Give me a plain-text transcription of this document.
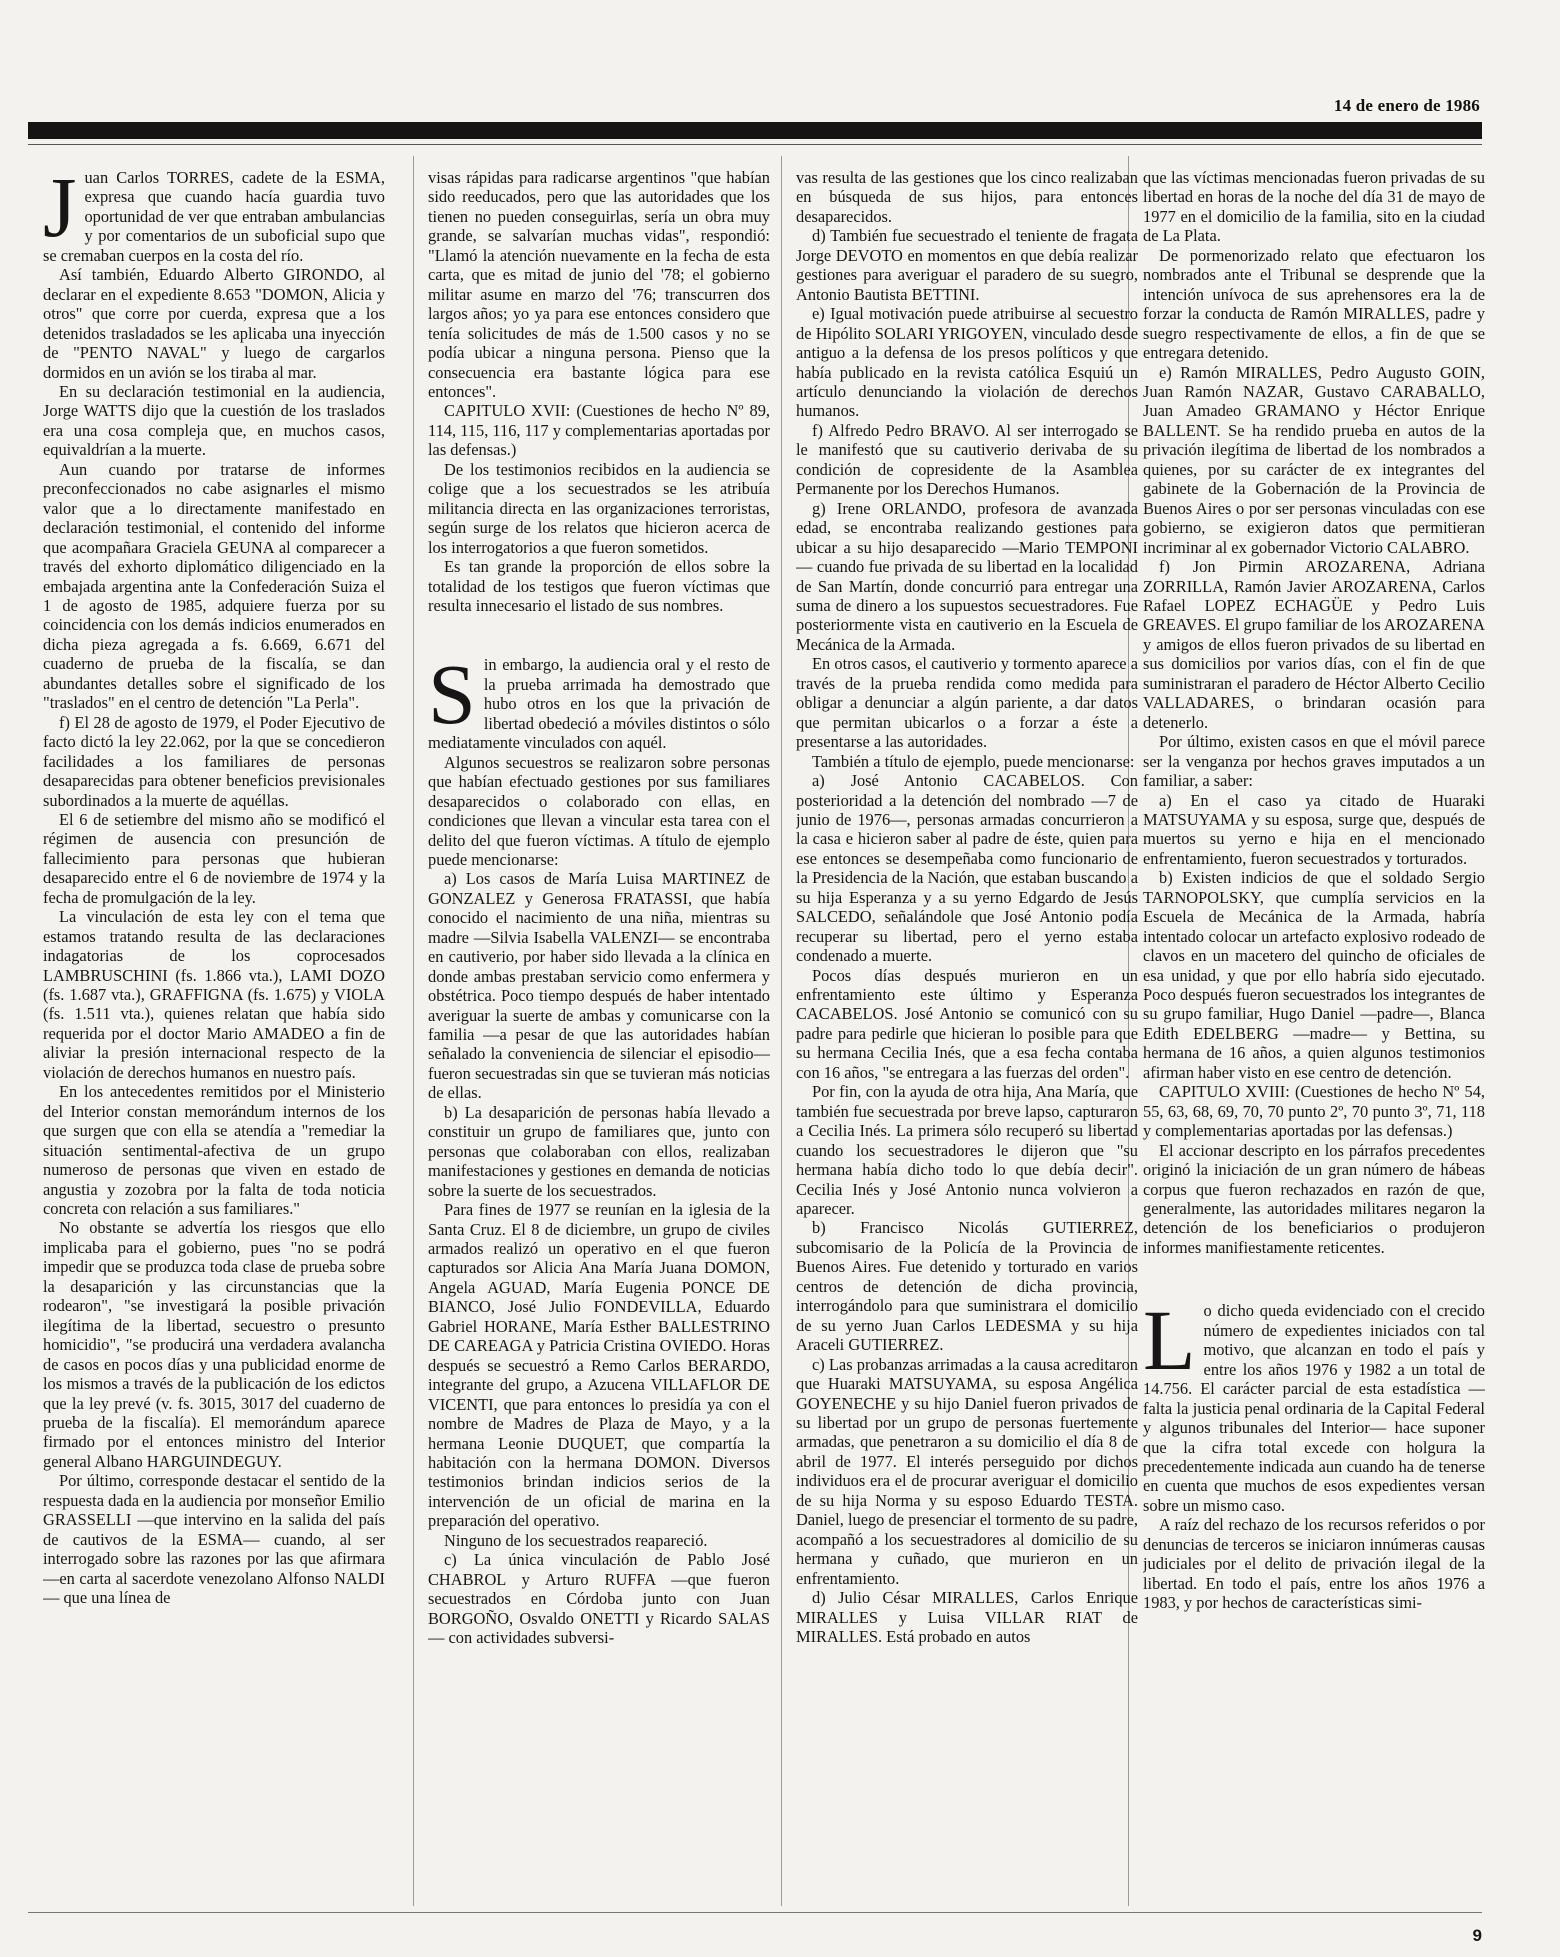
14 de enero de 1986

Juan Carlos TORRES, cadete de la ESMA, expresa que cuando hacía guardia tuvo oportunidad de ver que entraban ambulancias y por comentarios de un suboficial supo que se cremaban cuerpos en la costa del río.

Así también, Eduardo Alberto GIRONDO, al declarar en el expediente 8.653 "DOMON, Alicia y otros" que corre por cuerda, expresa que a los detenidos trasladados se les aplicaba una inyección de "PENTO NAVAL" y luego de cargarlos dormidos en un avión se los tiraba al mar.

En su declaración testimonial en la audiencia, Jorge WATTS dijo que la cuestión de los traslados era una cosa compleja que, en muchos casos, equivaldrían a la muerte.

Aun cuando por tratarse de informes preconfeccionados no cabe asignarles el mismo valor que a lo directamente manifestado en declaración testimonial, el contenido del informe que acompañara Graciela GEUNA al comparecer a través del exhorto diplomático diligenciado en la embajada argentina ante la Confederación Suiza el 1 de agosto de 1985, adquiere fuerza por su coincidencia con los demás indicios enumerados en dicha pieza agregada a fs. 6.669, 6.671 del cuaderno de prueba de la fiscalía, se dan abundantes detalles sobre el significado de los "traslados" en el centro de detención "La Perla".

f) El 28 de agosto de 1979, el Poder Ejecutivo de facto dictó la ley 22.062, por la que se concedieron facilidades a los familiares de personas desaparecidas para obtener beneficios previsionales subordinados a la muerte de aquéllas.

El 6 de setiembre del mismo año se modificó el régimen de ausencia con presunción de fallecimiento para personas que hubieran desaparecido entre el 6 de noviembre de 1974 y la fecha de promulgación de la ley.

La vinculación de esta ley con el tema que estamos tratando resulta de las declaraciones indagatorias de los coprocesados LAMBRUSCHINI (fs. 1.866 vta.), LAMI DOZO (fs. 1.687 vta.), GRAFFIGNA (fs. 1.675) y VIOLA (fs. 1.511 vta.), quienes relatan que había sido requerida por el doctor Mario AMADEO a fin de aliviar la presión internacional respecto de la violación de derechos humanos en nuestro país.

En los antecedentes remitidos por el Ministerio del Interior constan memorándum internos de los que surgen que con ella se atendía a "remediar la situación sentimental-afectiva de un grupo numeroso de personas que viven en estado de angustia y zozobra por la falta de toda noticia concreta con relación a sus familiares."

No obstante se advertía los riesgos que ello implicaba para el gobierno, pues "no se podrá impedir que se produzca toda clase de prueba sobre la desaparición y las circunstancias que la rodearon", "se investigará la posible privación ilegítima de la libertad, secuestro o presunto homicidio", "se producirá una verdadera avalancha de casos en pocos días y una publicidad enorme de los mismos a través de la publicación de los edictos que la ley prevé (v. fs. 3015, 3017 del cuaderno de prueba de la fiscalía). El memorándum aparece firmado por el entonces ministro del Interior general Albano HARGUINDEGUY.

Por último, corresponde destacar el sentido de la respuesta dada en la audiencia por monseñor Emilio GRASSELLI —que intervino en la salida del país de cautivos de la ESMA— cuando, al ser interrogado sobre las razones por las que afirmara —en carta al sacerdote venezolano Alfonso NALDI— que una línea de

visas rápidas para radicarse argentinos "que habían sido reeducados, pero que las autoridades que los tienen no pueden conseguirlas, sería un obra muy grande, se salvarían muchas vidas", respondió: "Llamó la atención nuevamente en la fecha de esta carta, que es mitad de junio del '78; el gobierno militar asume en marzo del '76; transcurren dos largos años; yo ya para ese entonces considero que tenía solicitudes de más de 1.500 casos y no se podía ubicar a ninguna persona. Pienso que la consecuencia era bastante lógica para ese entonces".

CAPITULO XVII: (Cuestiones de hecho Nº 89, 114, 115, 116, 117 y complementarias aportadas por las defensas.)

De los testimonios recibidos en la audiencia se colige que a los secuestrados se les atribuía militancia directa en las organizaciones terroristas, según surge de los relatos que hicieron acerca de los interrogatorios a que fueron sometidos.

Es tan grande la proporción de ellos sobre la totalidad de los testigos que fueron víctimas que resulta innecesario el listado de sus nombres.

Sin embargo, la audiencia oral y el resto de la prueba arrimada ha demostrado que hubo otros en los que la privación de libertad obedeció a móviles distintos o sólo mediatamente vinculados con aquél.

Algunos secuestros se realizaron sobre personas que habían efectuado gestiones por sus familiares desaparecidos o colaborado con ellas, en condiciones que llevan a vincular esta tarea con el delito del que fueron víctimas. A título de ejemplo puede mencionarse:

a) Los casos de María Luisa MARTINEZ de GONZALEZ y Generosa FRATASSI, que había conocido el nacimiento de una niña, mientras su madre —Silvia Isabella VALENZI— se encontraba en cautiverio, por haber sido llevada a la clínica en donde ambas prestaban servicio como enfermera y obstétrica. Poco tiempo después de haber intentado averiguar la suerte de ambas y comunicarse con la familia —a pesar de que las autoridades habían señalado la conveniencia de silenciar el episodio— fueron secuestradas sin que se tuvieran más noticias de ellas.

b) La desaparición de personas había llevado a constituir un grupo de familiares que, junto con personas que colaboraban con ellos, realizaban manifestaciones y gestiones en demanda de noticias sobre la suerte de los secuestrados.

Para fines de 1977 se reunían en la iglesia de la Santa Cruz. El 8 de diciembre, un grupo de civiles armados realizó un operativo en el que fueron capturados sor Alicia Ana María Juana DOMON, Angela AGUAD, María Eugenia PONCE DE BIANCO, José Julio FONDEVILLA, Eduardo Gabriel HORANE, María Esther BALLESTRINO DE CAREAGA y Patricia Cristina OVIEDO. Horas después se secuestró a Remo Carlos BERARDO, integrante del grupo, a Azucena VILLAFLOR DE VICENTI, que para entonces lo presidía ya con el nombre de Madres de Plaza de Mayo, y a la hermana Leonie DUQUET, que compartía la habitación con la hermana DOMON. Diversos testimonios brindan indicios serios de la intervención de un oficial de marina en la preparación del operativo.

Ninguno de los secuestrados reapareció.

c) La única vinculación de Pablo José CHABROL y Arturo RUFFA —que fueron secuestrados en Córdoba junto con Juan BORGOÑO, Osvaldo ONETTI y Ricardo SALAS— con actividades subversi-

vas resulta de las gestiones que los cinco realizaban en búsqueda de sus hijos, para entonces desaparecidos.

d) También fue secuestrado el teniente de fragata Jorge DEVOTO en momentos en que debía realizar gestiones para averiguar el paradero de su suegro, Antonio Bautista BETTINI.

e) Igual motivación puede atribuirse al secuestro de Hipólito SOLARI YRIGOYEN, vinculado desde antiguo a la defensa de los presos políticos y que había publicado en la revista católica Esquiú un artículo denunciando la violación de derechos humanos.

f) Alfredo Pedro BRAVO. Al ser interrogado se le manifestó que su cautiverio derivaba de su condición de copresidente de la Asamblea Permanente por los Derechos Humanos.

g) Irene ORLANDO, profesora de avanzada edad, se encontraba realizando gestiones para ubicar a su hijo desaparecido —Mario TEMPONI— cuando fue privada de su libertad en la localidad de San Martín, donde concurrió para entregar una suma de dinero a los supuestos secuestradores. Fue posteriormente vista en cautiverio en la Escuela de Mecánica de la Armada.

En otros casos, el cautiverio y tormento aparece a través de la prueba rendida como medida para obligar a denunciar a algún pariente, a dar datos que permitan ubicarlos o a forzar a éste a presentarse a las autoridades.

También a título de ejemplo, puede mencionarse:

a) José Antonio CACABELOS. Con posterioridad a la detención del nombrado —7 de junio de 1976—, personas armadas concurrieron a la casa e hicieron saber al padre de éste, quien para ese entonces se desempeñaba como funcionario de la Presidencia de la Nación, que estaban buscando a su hija Esperanza y a su yerno Edgardo de Jesús SALCEDO, señalándole que José Antonio podía recuperar su libertad, pero el yerno estaba condenado a muerte.

Pocos días después murieron en un enfrentamiento este último y Esperanza CACABELOS. José Antonio se comunicó con su padre para pedirle que hicieran lo posible para que su hermana Cecilia Inés, que a esa fecha contaba con 16 años, "se entregara a las fuerzas del orden".

Por fin, con la ayuda de otra hija, Ana María, que también fue secuestrada por breve lapso, capturaron a Cecilia Inés. La primera sólo recuperó su libertad cuando los secuestradores le dijeron que "su hermana había dicho todo lo que debía decir". Cecilia Inés y José Antonio nunca volvieron a aparecer.

b) Francisco Nicolás GUTIERREZ, subcomisario de la Policía de la Provincia de Buenos Aires. Fue detenido y torturado en varios centros de detención de dicha provincia, interrogándolo para que suministrara el domicilio de su yerno Juan Carlos LEDESMA y su hija Araceli GUTIERREZ.

c) Las probanzas arrimadas a la causa acreditaron que Huaraki MATSUYAMA, su esposa Angélica GOYENECHE y su hijo Daniel fueron privados de su libertad por un grupo de personas fuertemente armadas, que penetraron a su domicilio el día 8 de abril de 1977. El interés perseguido por dichos individuos era el de procurar averiguar el domicilio de su hija Norma y su esposo Eduardo TESTA. Daniel, luego de presenciar el tormento de su padre, acompañó a los secuestradores al domicilio de su hermana y cuñado, que murieron en un enfrentamiento.

d) Julio César MIRALLES, Carlos Enrique MIRALLES y Luisa VILLAR RIAT de MIRALLES. Está probado en autos

que las víctimas mencionadas fueron privadas de su libertad en horas de la noche del día 31 de mayo de 1977 en el domicilio de la familia, sito en la ciudad de La Plata.

De pormenorizado relato que efectuaron los nombrados ante el Tribunal se desprende que la intención unívoca de sus aprehensores era la de forzar la conducta de Ramón MIRALLES, padre y suegro respectivamente de ellos, a fin de que se entregara detenido.

e) Ramón MIRALLES, Pedro Augusto GOIN, Juan Ramón NAZAR, Gustavo CARABALLO, Juan Amadeo GRAMANO y Héctor Enrique BALLENT. Se ha rendido prueba en autos de la privación ilegítima de libertad de los nombrados a quienes, por su carácter de ex integrantes del gabinete de la Gobernación de la Provincia de Buenos Aires o por ser personas vinculadas con ese gobierno, se exigieron datos que permitieran incriminar al ex gobernador Victorio CALABRO.

f) Jon Pirmin AROZARENA, Adriana ZORRILLA, Ramón Javier AROZARENA, Carlos Rafael LOPEZ ECHAGÜE y Pedro Luis GREAVES. El grupo familiar de los AROZARENA y amigos de ellos fueron privados de su libertad en sus domicilios por varios días, con el fin de que suministraran el paradero de Héctor Alberto Cecilio VALLADARES, o brindaran ocasión para detenerlo.

Por último, existen casos en que el móvil parece ser la venganza por hechos graves imputados a un familiar, a saber:

a) En el caso ya citado de Huaraki MATSUYAMA y su esposa, surge que, después de muertos su yerno e hija en el mencionado enfrentamiento, fueron secuestrados y torturados.

b) Existen indicios de que el soldado Sergio TARNOPOLSKY, que cumplía servicios en la Escuela de Mecánica de la Armada, habría intentado colocar un artefacto explosivo rodeado de clavos en un macetero del quincho de oficiales de esa unidad, y que por ello habría sido ejecutado. Poco después fueron secuestrados los integrantes de su grupo familiar, Hugo Daniel —padre—, Blanca Edith EDELBERG —madre— y Bettina, su hermana de 16 años, a quien algunos testimonios afirman haber visto en ese centro de detención.

CAPITULO XVIII: (Cuestiones de hecho Nº 54, 55, 63, 68, 69, 70, 70 punto 2º, 70 punto 3º, 71, 118 y complementarias aportadas por las defensas.)

El accionar descripto en los párrafos precedentes originó la iniciación de un gran número de hábeas corpus que fueron rechazados en razón de que, generalmente, las autoridades militares negaron la detención de los beneficiarios o produjeron informes manifiestamente reticentes.

Lo dicho queda evidenciado con el crecido número de expedientes iniciados con tal motivo, que alcanzan en todo el país y entre los años 1976 y 1982 a un total de 14.756. El carácter parcial de esta estadística —falta la justicia penal ordinaria de la Capital Federal y algunos tribunales del Interior— hace suponer que la cifra total excede con holgura la precedentemente indicada aun cuando ha de tenerse en cuenta que muchos de esos expedientes versan sobre un mismo caso.

A raíz del rechazo de los recursos referidos o por denuncias de terceros se iniciaron innúmeras causas judiciales por el delito de privación ilegal de la libertad. En todo el país, entre los años 1976 a 1983, y por hechos de características simi-

9
